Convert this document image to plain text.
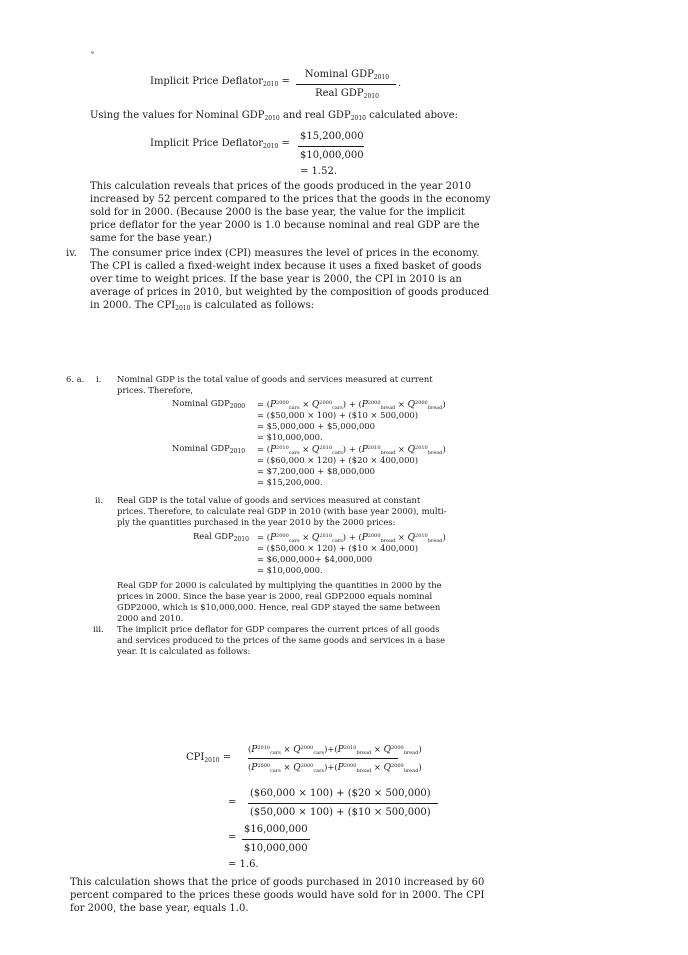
ˇ
Implicit Price Deflator$_{2010}$ =
Nominal $GDP_{2010}$
Real $GDP_{2010}$
.
Using the values for Nominal $GDP_{2010}$ and real $GDP_{2010}$ calculated above:
Implicit Price Deflator$_{2010}$ =
$15,200,000
$10,000,000
= 1.52.
This calculation reveals that prices of the goods produced in the year 2010
increased by 52 percent compared to the prices that the goods in the economy
sold for in 2000. (Because 2000 is the base year, the value for the implicit
price deflator for the year 2000 is 1.0 because nominal and real GDP are the
same for the base year.)
iv. The consumer price index (CPI) measures the level of prices in the economy.
The CPI is called a fixed-weight index because it uses a fixed basket of goods
over time to weight prices. If the base year is 2000, the CPI in 2010 is an
average of prices in 2010, but weighted by the composition of goods produced
in 2000. The $CPI_{2010}$ is calculated as follows:
6. a. i. Nominal GDP is the total value of goods and services measured at current
prices. Therefore,
Nominal $GDP_{2000} = (P^{2000}_{cars} \times Q^{2000}_{cars}) + (P^{2000}_{bread} \times Q^{2000}_{bread})$
= ($50,000 × 100) + ($10 × 500,000)
= $5,000,000 + $5,000,000
= $10,000,000.
Nominal $GDP_{2010} = (P^{2010}_{cars} \times Q^{2010}_{cars}) + (P^{2010}_{bread} \times Q^{2010}_{bread})$
= ($60,000 × 120) + ($20 × 400,000)
= $7,200,000 + $8,000,000
= $15,200,000.
ii. Real GDP is the total value of goods and services measured at constant
prices. Therefore, to calculate real GDP in 2010 (with base year 2000), multi-
ply the quantities purchased in the year 2010 by the 2000 prices:
Real $GDP_{2010} = (P^{2000}_{cars} \times Q^{2010}_{cars}) + (P^{2000}_{bread} \times Q^{2010}_{bread})$
= ($50,000 × 120) + ($10 × 400,000)
= $6,000,000+ $4,000,000
= $10,000,000.
Real GDP for 2000 is calculated by multiplying the quantities in 2000 by the
prices in 2000. Since the base year is 2000, real GDP2000 equals nominal
GDP2000, which is $10,000,000. Hence, real GDP stayed the same between
2000 and 2010.
iii. The implicit price deflator for GDP compares the current prices of all goods
and services produced to the prices of the same goods and services in a base
year. It is calculated as follows:
$CPI_{2010}$ =
$(P^{2010}_{cars} \times Q^{2000}_{cars})+(P^{2010}_{bread} \times Q^{2000}_{bread})$
$(P^{2000}_{cars} \times Q^{2000}_{cars})+(P^{2000}_{bread} \times Q^{2000}_{bread})$
=
($60,000 × 100) + ($20 × 500,000)
($50,000 × 100) + ($10 × 500,000)
=
$16,000,000
$10,000,000
= 1.6.
This calculation shows that the price of goods purchased in 2010 increased by 60
percent compared to the prices these goods would have sold for in 2000. The CPI
for 2000, the base year, equals 1.0.
